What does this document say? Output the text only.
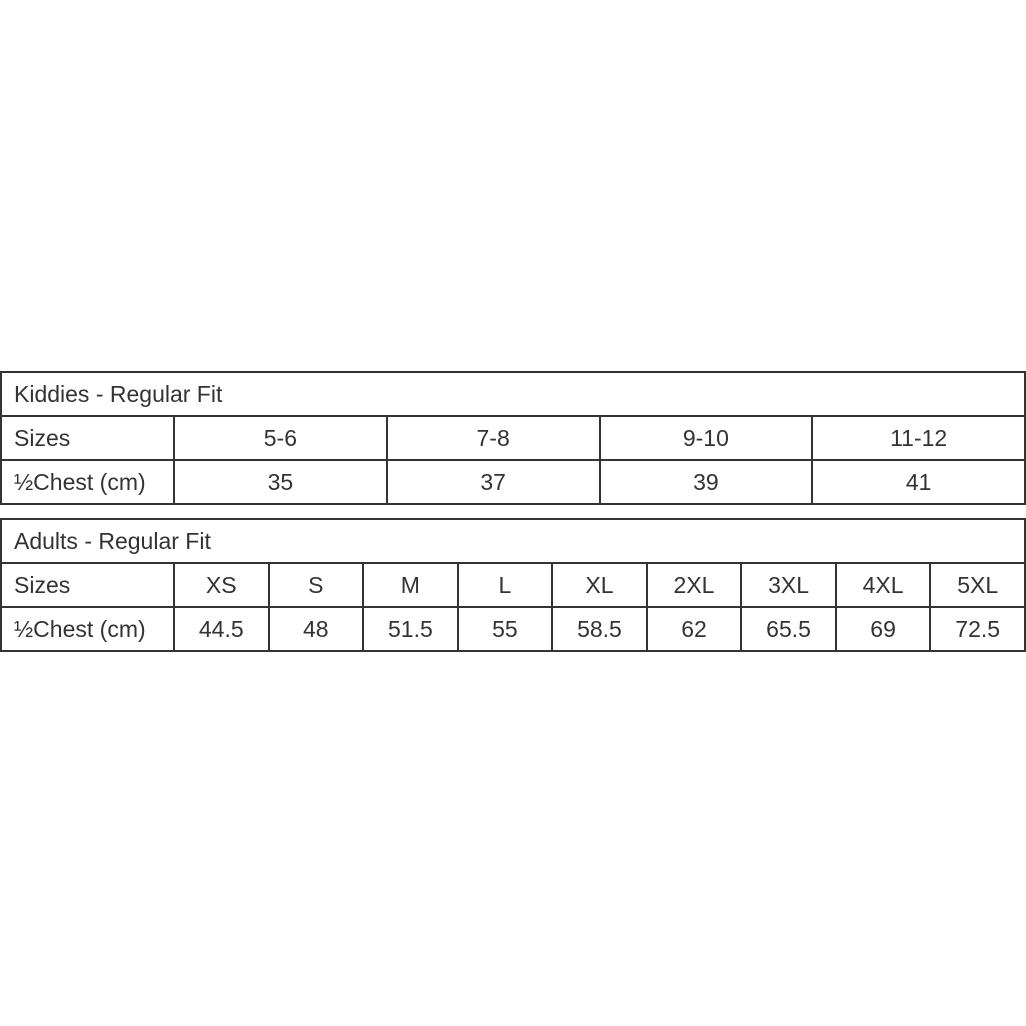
Kiddies - Regular Fit				
Sizes	5-6	7-8	9-10	11-12
½Chest (cm)	35	37	39	41
Adults - Regular Fit									
Sizes	XS	S	M	L	XL	2XL	3XL	4XL	5XL
½Chest (cm)	44.5	48	51.5	55	58.5	62	65.5	69	72.5
